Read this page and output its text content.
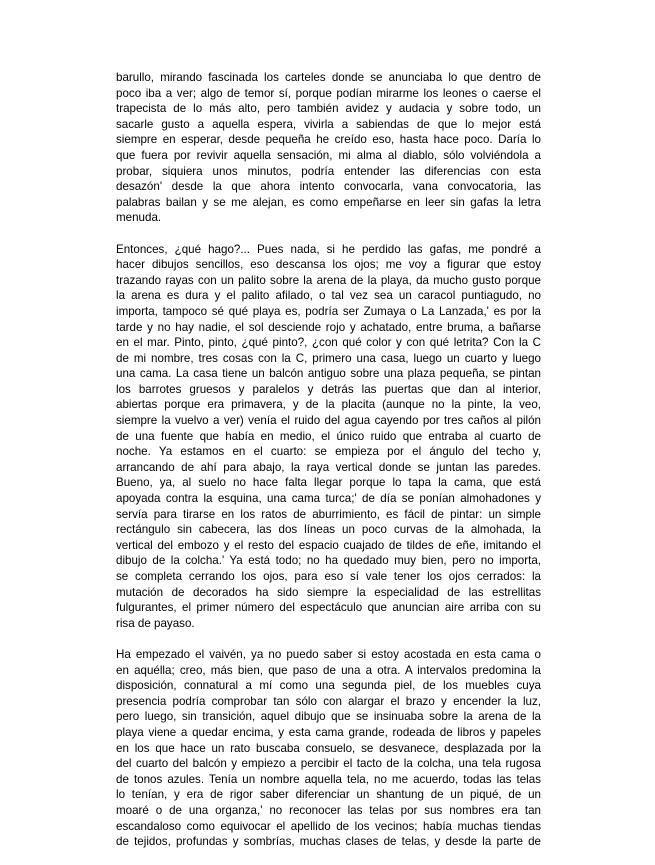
barullo, mirando fascinada los carteles donde se anunciaba lo que dentro de
poco iba a ver; algo de temor sí, porque podían mirarme los leones o caerse el
trapecista de lo más alto, pero también avidez y audacia y sobre todo, un
sacarle gusto a aquella espera, vivirla a sabiendas de que lo mejor está
siempre en esperar, desde pequeña he creído eso, hasta hace poco. Daría lo
que fuera por revivir aquella sensación, mi alma al diablo, sólo volviéndola a
probar, siquiera unos minutos, podría entender las diferencias con esta
desazón' desde la que ahora intento convocarla, vana convocatoria, las
palabras bailan y se me alejan, es como empeñarse en leer sin gafas la letra
menuda.
Entonces, ¿qué hago?... Pues nada, si he perdido las gafas, me pondré a
hacer dibujos sencillos, eso descansa los ojos; me voy a figurar que estoy
trazando rayas con un palito sobre la arena de la playa, da mucho gusto porque
la arena es dura y el palito afilado, o tal vez sea un caracol puntiagudo, no
importa, tampoco sé qué playa es, podría ser Zumaya o La Lanzada,' es por la
tarde y no hay nadie, el sol desciende rojo y achatado, entre bruma, a bañarse
en el mar. Pinto, pinto, ¿qué pinto?, ¿con qué color y con qué letrita? Con la C
de mi nombre, tres cosas con la C, primero una casa, luego un cuarto y luego
una cama. La casa tiene un balcón antiguo sobre una plaza pequeña, se pintan
los barrotes gruesos y paralelos y detrás las puertas que dan al interior,
abiertas porque era primavera, y de la placita (aunque no la pinte, la veo,
siempre la vuelvo a ver) venía el ruido del agua cayendo por tres caños al pilón
de una fuente que había en medio, el único ruido que entraba al cuarto de
noche. Ya estamos en el cuarto: se empieza por el ángulo del techo y,
arrancando de ahí para abajo, la raya vertical donde se juntan las paredes.
Bueno, ya, al suelo no hace falta llegar porque lo tapa la cama, que está
apoyada contra la esquina, una cama turca;' de día se ponían almohadones y
servía para tirarse en los ratos de aburrimiento, es fácil de pintar: un simple
rectángulo sin cabecera, las dos líneas un poco curvas de la almohada, la
vertical del embozo y el resto del espacio cuajado de tildes de eñe, imitando el
dibujo de la colcha.' Ya está todo; no ha quedado muy bien, pero no importa,
se completa cerrando los ojos, para eso sí vale tener los ojos cerrados: la
mutación de decorados ha sido siempre la especialidad de las estrellitas
fulgurantes, el primer número del espectáculo que anuncian aire arriba con su
risa de payaso.
Ha empezado el vaivén, ya no puedo saber si estoy acostada en esta cama o
en aquélla; creo, más bien, que paso de una a otra. A intervalos predomina la
disposición, connatural a mí como una segunda piel, de los muebles cuya
presencia podría comprobar tan sólo con alargar el brazo y encender la luz,
pero luego, sin transición, aquel dibujo que se insinuaba sobre la arena de la
playa viene a quedar encima, y esta cama grande, rodeada de libros y papeles
en los que hace un rato buscaba consuelo, se desvanece, desplazada por la
del cuarto del balcón y empiezo a percibir el tacto de la colcha, una tela rugosa
de tonos azules. Tenía un nombre aquella tela, no me acuerdo, todas las telas
lo tenían, y era de rigor saber diferenciar un shantung de un piqué, de un
moaré o de una organza,' no reconocer las telas por sus nombres era tan
escandaloso como equivocar el apellido de los vecinos; había muchas tiendas
de tejidos, profundas y sombrías, muchas clases de telas, y desde la parte de
